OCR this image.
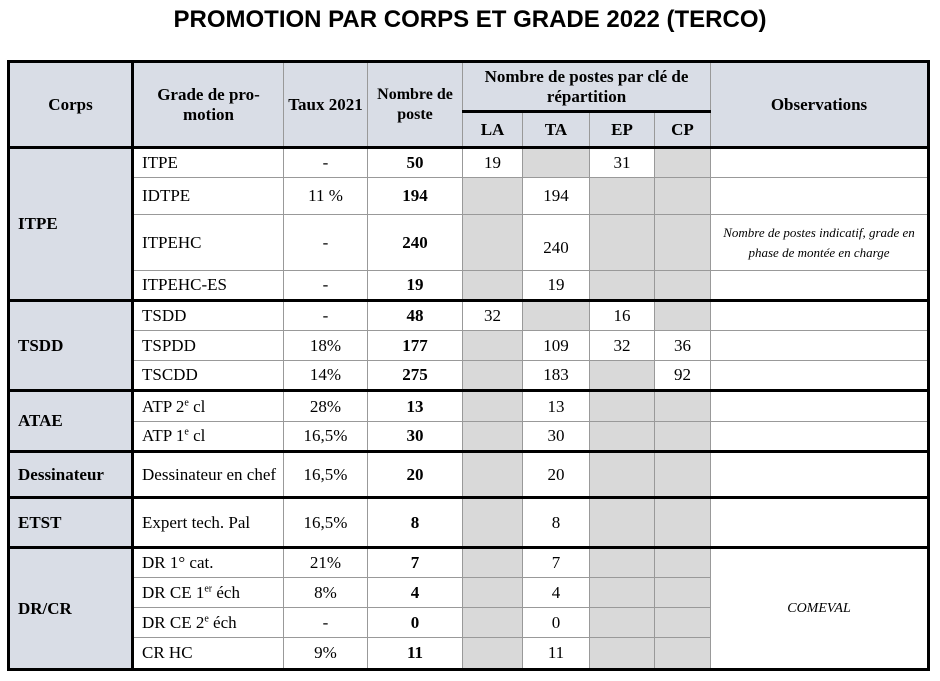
PROMOTION PAR CORPS ET GRADE 2022 (TERCO)
Corps	Grade de pro-motion	Taux 2021	Nombre de poste	Nombre de postes par clé de répartition				Observations
				LA	TA	EP	CP	
ITPE	ITPE	-	50	19		31		
	IDTPE	11 %	194		194			
	ITPEHC	-	240		240			Nombre de postes indicatif, grade en phase de montée en charge
	ITPEHC-ES	-	19		19			
TSDD	TSDD	-	48	32		16		
	TSPDD	18%	177		109	32	36	
	TSCDD	14%	275		183		92	
ATAE	ATP 2e cl	28%	13		13			
	ATP 1e cl	16,5%	30		30			
Dessinateur	Dessinateur en chef	16,5%	20		20			
ETST	Expert tech. Pal	16,5%	8		8			
DR/CR	DR 1° cat.	21%	7		7			COMEVAL
	DR CE 1er éch	8%	4		4			
	DR CE 2e éch	-	0		0			
	CR HC	9%	11		11			
